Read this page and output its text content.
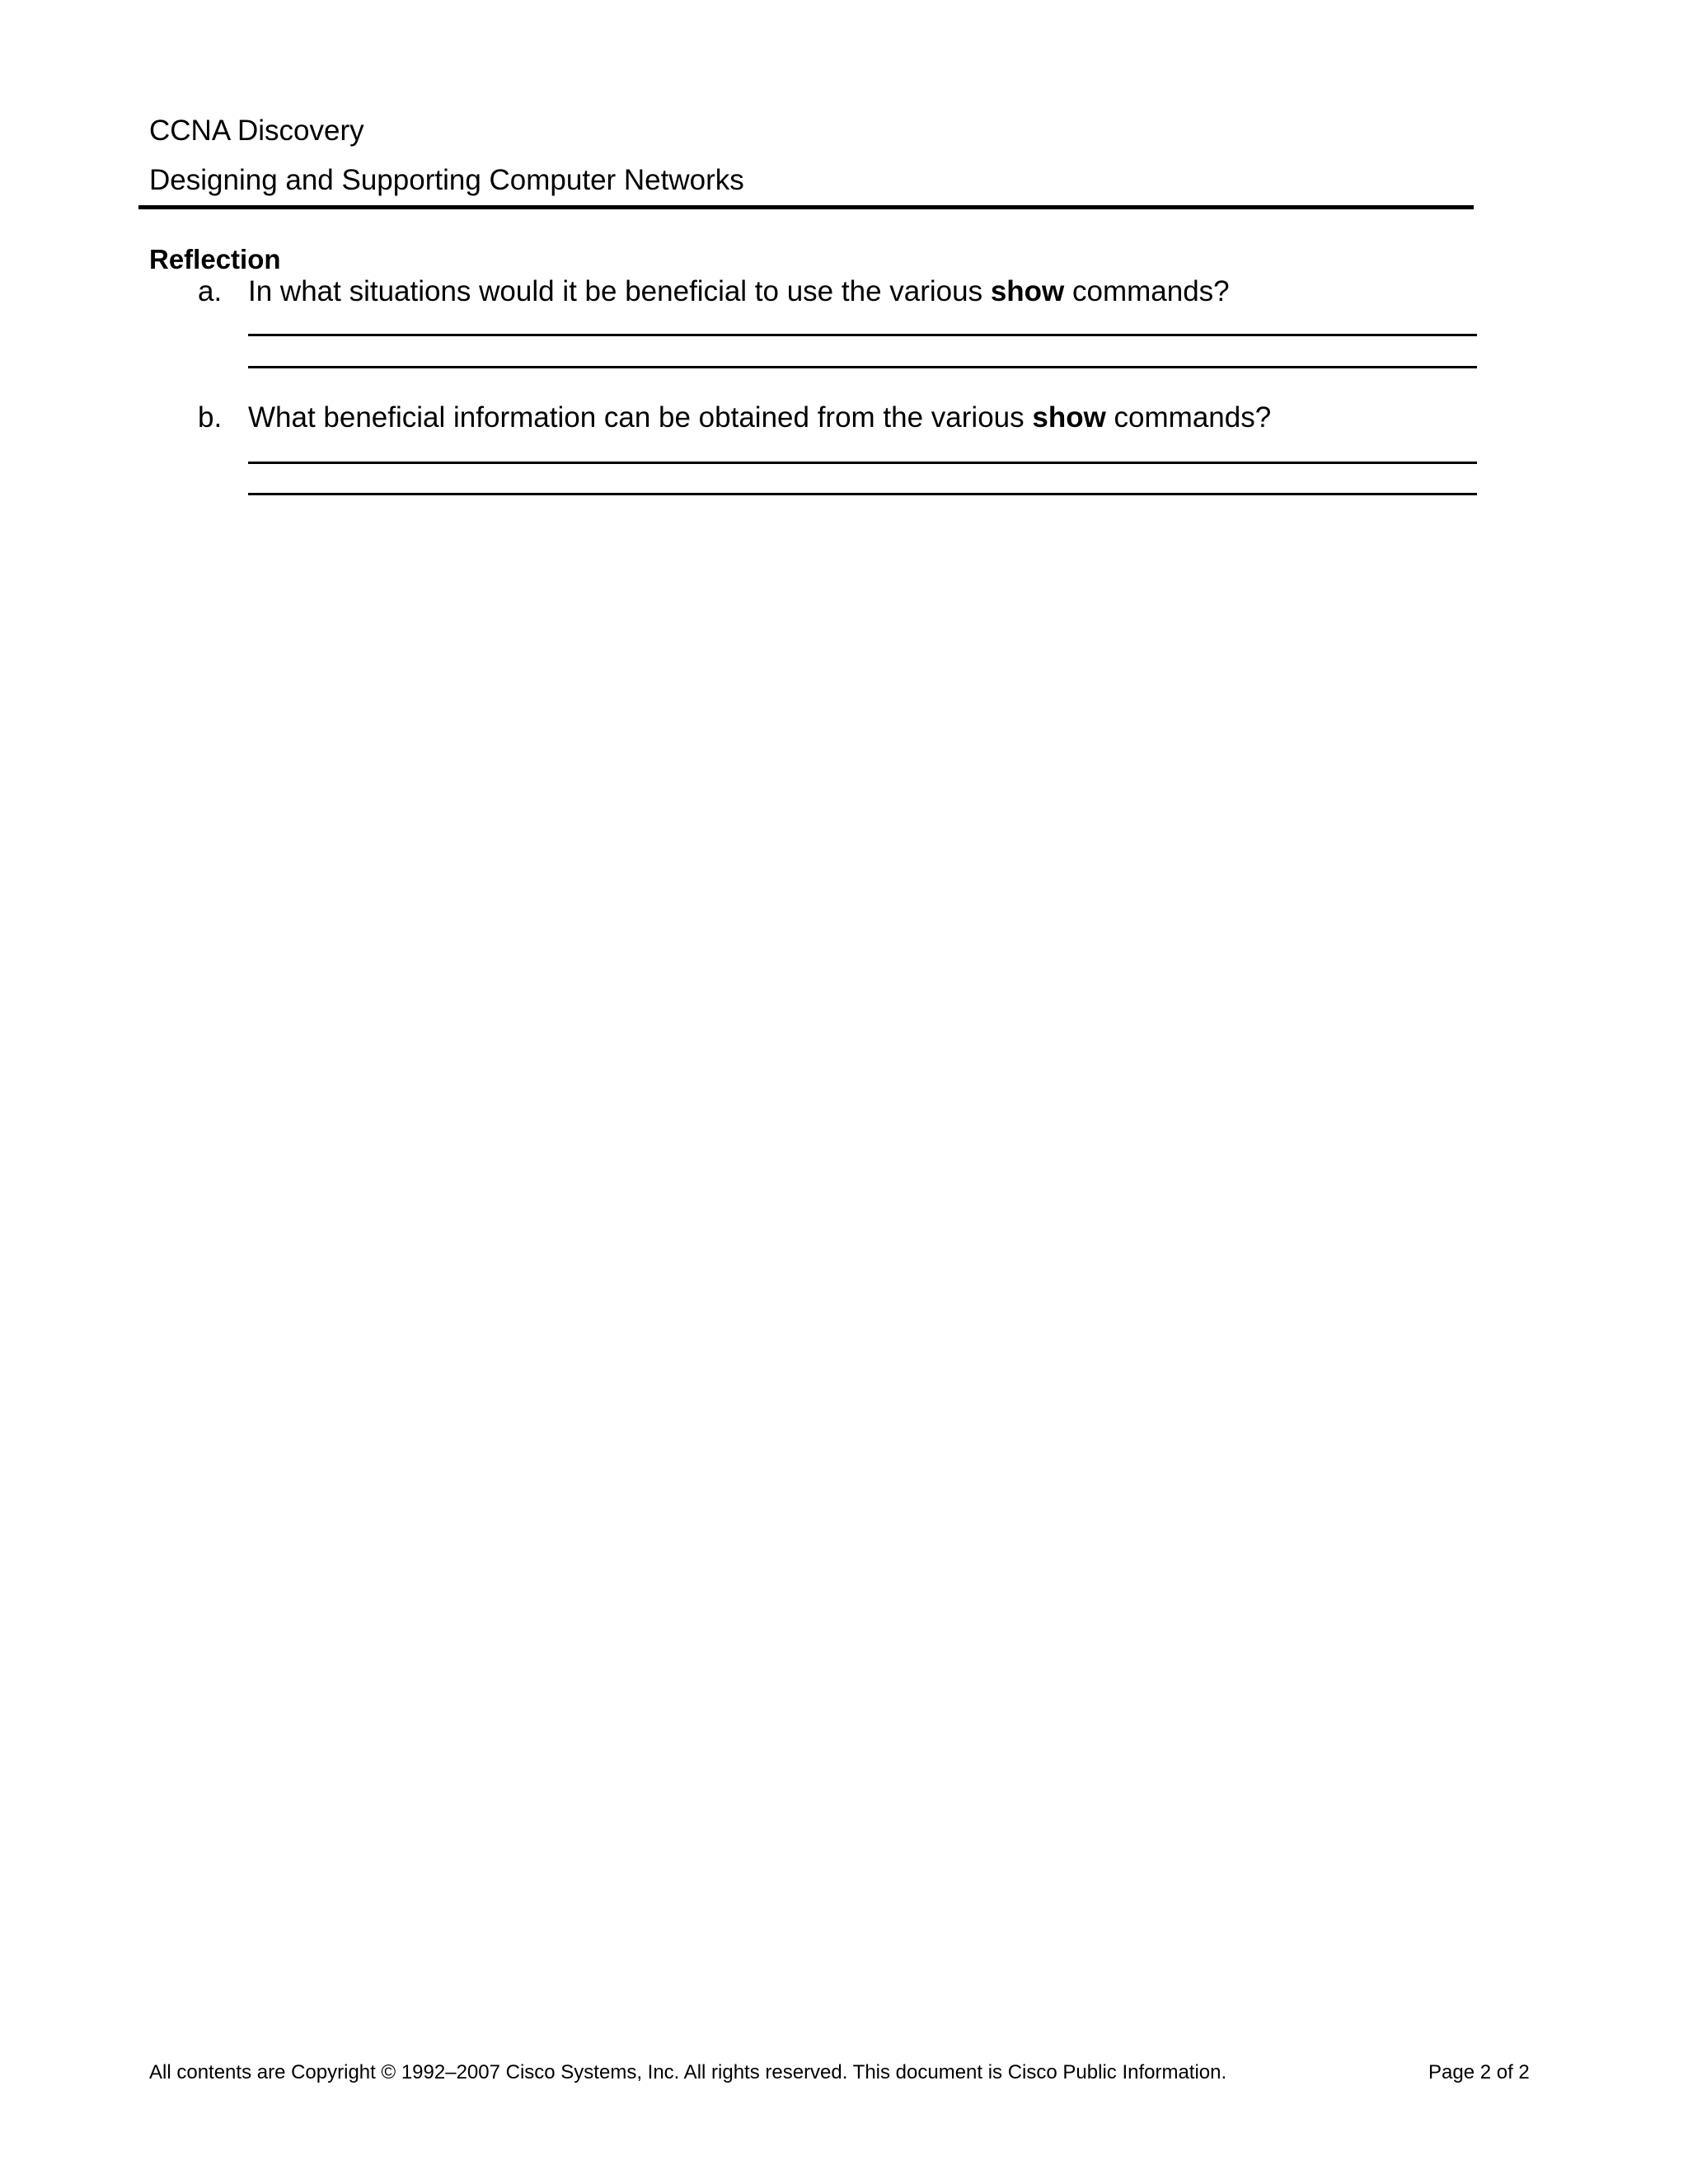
CCNA Discovery
Designing and Supporting Computer Networks
Reflection
a. In what situations would it be beneficial to use the various show commands?
b. What beneficial information can be obtained from the various show commands?
All contents are Copyright © 1992–2007 Cisco Systems, Inc. All rights reserved. This document is Cisco Public Information.	Page 2 of 2
